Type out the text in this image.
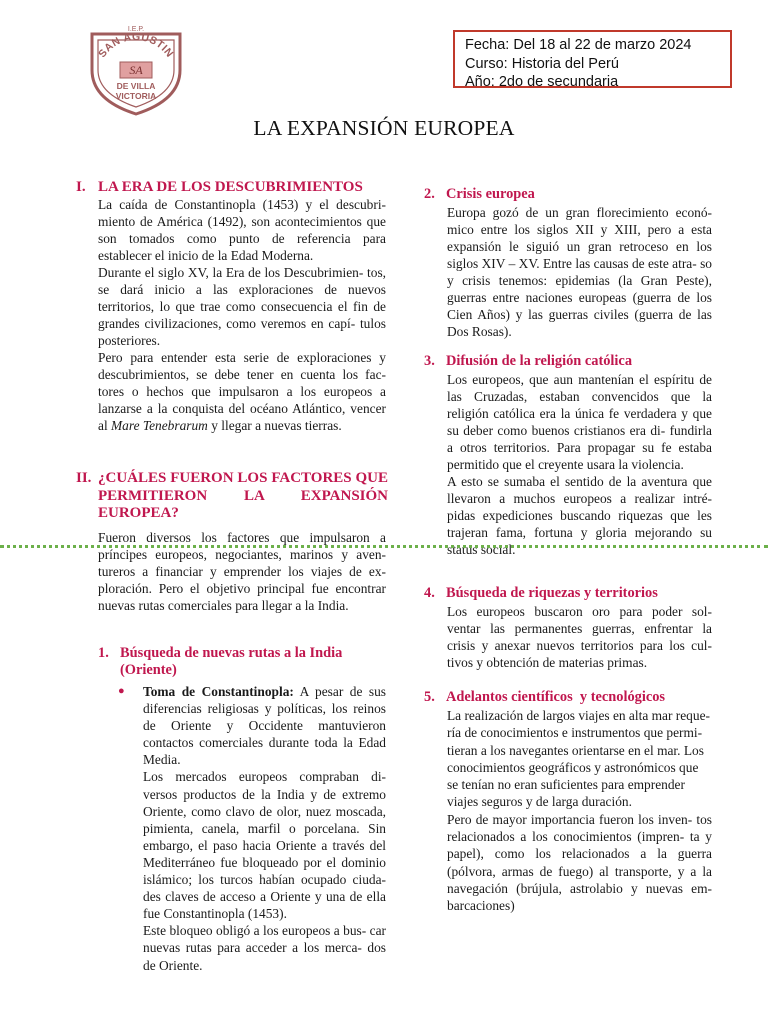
I.E.P.
SAN AGUSTIN
SA
DE VILLA
VICTORIA
Fecha: Del 18 al 22 de marzo 2024
Curso: Historia del Perú
Año: 2do de secundaria
LA EXPANSIÓN EUROPEA
I. LA ERA DE LOS DESCUBRIMIENTOS

La caída de Constantinopla (1453) y el descubri- miento de América (1492), son acontecimientos que son tomados como punto de referencia para establecer el inicio de la Edad Moderna.

Durante el siglo XV, la Era de los Descubrimien- tos, se dará inicio a las exploraciones de nuevos territorios, lo que trae como consecuencia el fin de grandes civilizaciones, como veremos en capí- tulos posteriores.

Pero para entender esta serie de exploraciones y descubrimientos, se debe tener en cuenta los fac- tores o hechos que impulsaron a los europeos a lanzarse a la conquista del océano Atlántico, vencer al Mare Tenebrarum y llegar a nuevas tierras.

II. ¿CUÁLES FUERON LOS FACTORES QUE PERMITIERON LA EXPANSIÓN EUROPEA?

Fueron diversos los factores que impulsaron a príncipes europeos, negociantes, marinos y aven- tureros a financiar y emprender los viajes de ex- ploración. Pero el objetivo principal fue encontrar nuevas rutas comerciales para llegar a la India.

1. Búsqueda de nuevas rutas a la India (Oriente)
● Toma de Constantinopla: A pesar de sus diferencias religiosas y políticas, los reinos de Oriente y Occidente mantuvieron contactos comerciales durante toda la Edad Media.

Los mercados europeos compraban di- versos productos de la India y de extremo Oriente, como clavo de olor, nuez moscada, pimienta, canela, marfil o porcelana. Sin embargo, el paso hacia Oriente a través del Mediterráneo fue bloqueado por el dominio islámico; los turcos habían ocupado ciuda- des claves de acceso a Oriente y una de ella fue Constantinopla (1453).

Este bloqueo obligó a los europeos a bus- car nuevas rutas para acceder a los merca- dos de Oriente.

2. Crisis europea

Europa gozó de un gran florecimiento econó- mico entre los siglos XII y XIII, pero a esta expansión le siguió un gran retroceso en los siglos XIV – XV. Entre las causas de este atra- so y crisis tenemos: epidemias (la Gran Peste), guerras entre naciones europeas (guerra de los Cien Años) y las guerras civiles (guerra de las Dos Rosas).

3. Difusión de la religión católica

Los europeos, que aun mantenían el espíritu de las Cruzadas, estaban convencidos que la religión católica era la única fe verdadera y que su deber como buenos cristianos era di- fundirla a otros territorios. Para propagar su fe estaba permitido que el creyente usara la violencia.

A esto se sumaba el sentido de la aventura que llevaron a muchos europeos a realizar intré- pidas expediciones buscando riquezas que les trajeran fama, fortuna y gloria mejorando su status social.

4. Búsqueda de riquezas y territorios

Los europeos buscaron oro para poder sol- ventar las permanentes guerras, enfrentar la crisis y anexar nuevos territorios para los cul- tivos y obtención de materias primas.

5. Adelantos científicos  y tecnológicos

La realización de largos viajes en alta mar reque- ría de conocimientos e instrumentos que permi- tieran a los navegantes orientarse en el mar. Los conocimientos geográficos y astronómicos que se tenían no eran suficientes para emprender viajes seguros y de larga duración.

Pero de mayor importancia fueron los inven- tos relacionados a los conocimientos (impren- ta y papel), como los relacionados a la guerra (pólvora, armas de fuego) al transporte, y a la navegación (brújula, astrolabio y nuevas em- barcaciones)
